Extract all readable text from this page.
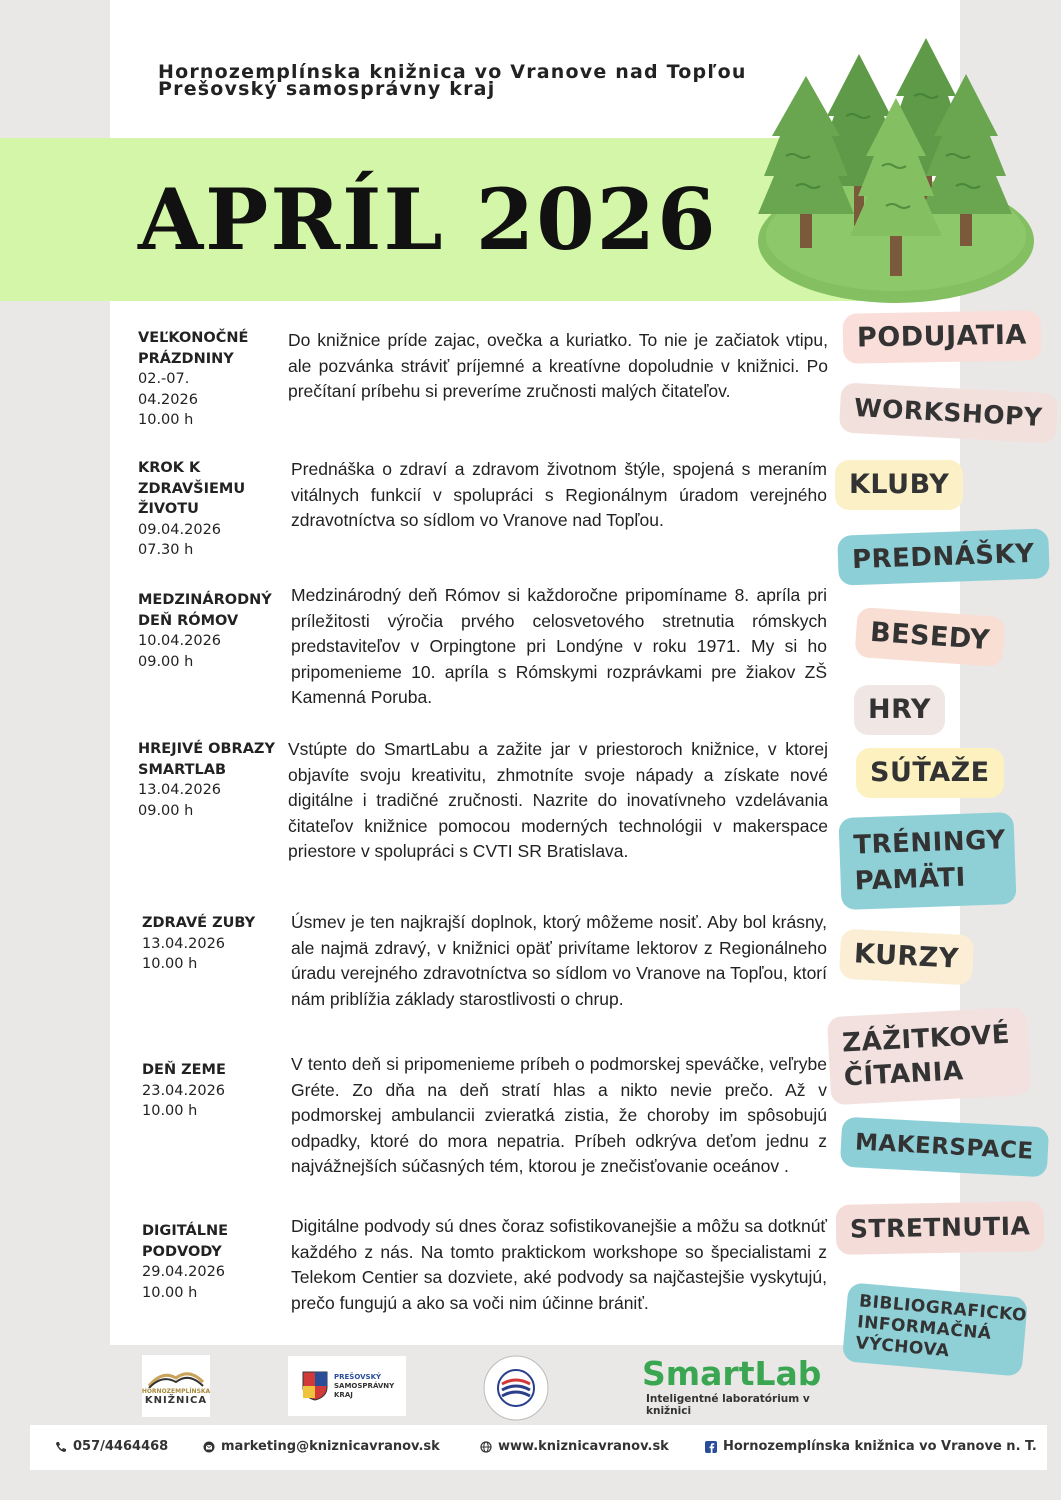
Hornozemplínska knižnica vo Vranove nad Topľou
Prešovský samosprávny kraj
APRÍL 2026
VEĽKONOČNÉ PRÁZDNINY
02.-07. 04.2026
10.00 h
Do knižnice príde zajac, ovečka a kuriatko. To nie je začiatok vtipu, ale pozvánka stráviť príjemné a kreatívne dopoludnie v knižnici. Po prečítaní príbehu si preveríme zručnosti malých čitateľov.
KROK K ZDRAVŠIEMU ŽIVOTU
09.04.2026
07.30 h
Prednáška o zdraví a zdravom životnom štýle, spojená s meraním vitálnych funkcií v spolupráci s Regionálnym úradom verejného zdravotníctva so sídlom vo Vranove nad Topľou.
MEDZINÁRODNÝ DEŇ RÓMOV
10.04.2026
09.00 h
Medzinárodný deň Rómov si každoročne pripomíname 8. apríla pri príležitosti výročia prvého celosvetového stretnutia rómskych predstaviteľov v Orpingtone pri Londýne v roku 1971. My si ho pripomenieme 10. apríla s Rómskymi rozprávkami pre žiakov ZŠ Kamenná Poruba.
HREJIVÉ OBRAZY SMARTLAB
13.04.2026
09.00 h
Vstúpte do SmartLabu a zažite jar v priestoroch knižnice, v ktorej objavíte svoju kreativitu, zhmotníte svoje nápady a získate nové digitálne i tradičné zručnosti. Nazrite do inovatívneho vzdelávania čitateľov knižnice pomocou moderných technológii v makerspace priestore v spolupráci s CVTI SR Bratislava.
ZDRAVÉ ZUBY
13.04.2026
10.00 h
Úsmev je ten najkrajší doplnok, ktorý môžeme nosiť. Aby bol krásny, ale najmä zdravý, v knižnici opäť privítame lektorov z Regionálneho úradu verejného zdravotníctva so sídlom vo Vranove na Topľou, ktorí nám priblížia základy starostlivosti o chrup.
DEŇ ZEME
23.04.2026
10.00 h
V tento deň si pripomenieme príbeh o podmorskej speváčke, veľrybe Gréte. Zo dňa na deň stratí hlas a nikto nevie prečo. Až v podmorskej ambulancii zvieratká zistia, že choroby im spôsobujú odpadky, ktoré do mora nepatria. Príbeh odkrýva deťom jednu z najvážnejších súčasných tém, ktorou je znečisťovanie oceánov .
DIGITÁLNE PODVODY
29.04.2026
10.00 h
Digitálne podvody sú dnes čoraz sofistikovanejšie a môžu sa dotknúť každého z nás. Na tomto praktickom workshope so špecialistami z Telekom Centier sa dozviete, aké podvody sa najčastejšie vyskytujú, prečo fungujú a ako sa voči nim účinne brániť.
PODUJATIA
WORKSHOPY
KLUBY
PREDNÁŠKY
BESEDY
HRY
SÚŤAŽE
TRÉNINGY PAMÄTI
KURZY
ZÁŽITKOVÉ ČÍTANIA
MAKERSPACE
STRETNUTIA
BIBLIOGRAFICKO INFORMAČNÁ VÝCHOVA
HORNOZEMPLÍNSKA
KNIŽNICA
PREŠOVSKÝ
SAMOSPRÁVNY
KRAJ
SmartLab
Inteligentné laboratórium v knižnici
057/4464468	marketing@kniznicavranov.sk	www.kniznicavranov.sk	Hornozemplínska knižnica vo Vranove n. T.
